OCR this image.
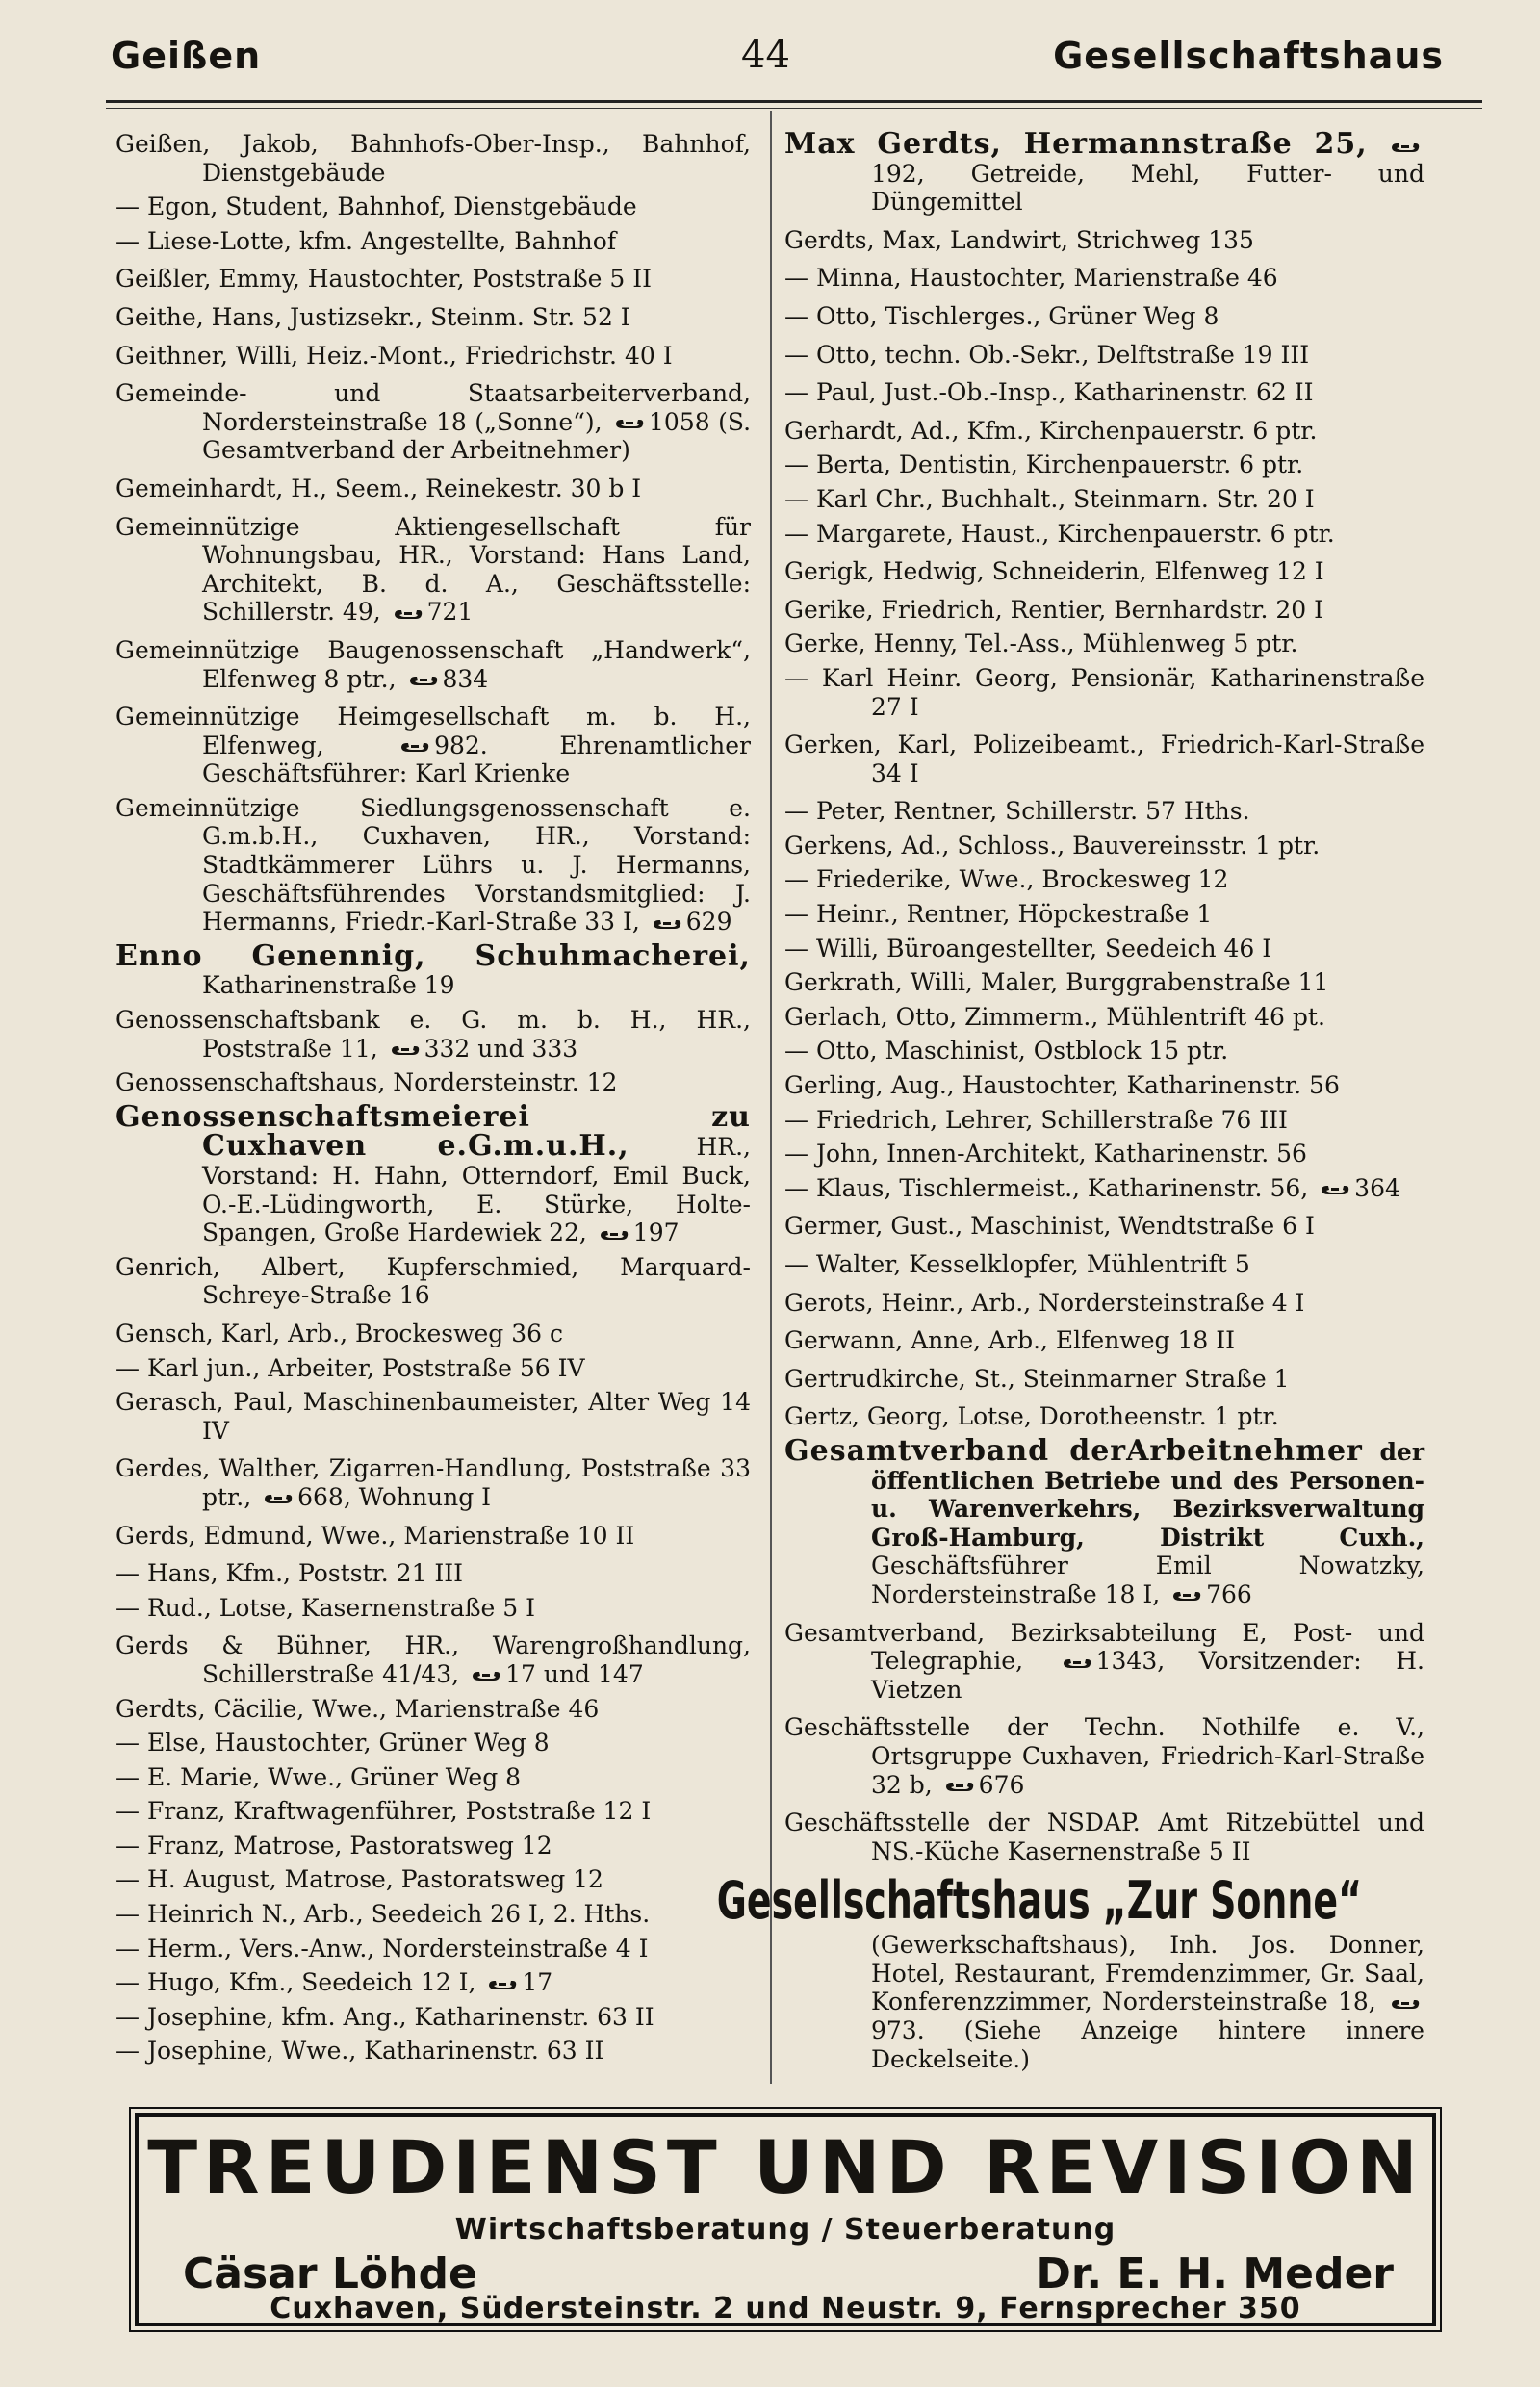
Geißen	44	Gesellschaftshaus
Geißen, Jakob, Bahnhofs-Ober-Insp., Bahnhof, Dienstgebäude
— Egon, Student, Bahnhof, Dienstgebäude
— Liese-Lotte, kfm. Angestellte, Bahnhof
Geißler, Emmy, Haustochter, Poststraße 5 II
Geithe, Hans, Justizsekr., Steinm. Str. 52 I
Geithner, Willi, Heiz.-Mont., Friedrichstr. 40 I
Gemeinde- und Staatsarbeiterverband, Nordersteinstraße 18 („Sonne“), 1058 (S. Gesamtverband der Arbeitnehmer)
Gemeinhardt, H., Seem., Reinekestr. 30 b I
Gemeinnützige Aktiengesellschaft für Wohnungsbau, HR., Vorstand: Hans Land, Architekt, B. d. A., Geschäftsstelle: Schillerstr. 49, 721
Gemeinnützige Baugenossenschaft „Handwerk“, Elfenweg 8 ptr., 834
Gemeinnützige Heimgesellschaft m. b. H., Elfenweg,	982.	Ehrenamtlicher Geschäftsführer: Karl Krienke
Gemeinnützige Siedlungsgenossenschaft e. G.m.b.H., Cuxhaven, HR., Vorstand: Stadtkämmerer Lührs u. J. Hermanns, Geschäftsführendes Vorstandsmitglied: J. Hermanns, Friedr.-Karl-Straße 33 I, 629
Enno Genennig, Schuhmacherei, Katharinenstraße 19
Genossenschaftsbank e. G. m. b. H., HR., Poststraße 11, 332 und 333
Genossenschaftshaus, Nordersteinstr. 12
Genossenschaftsmeierei zu Cuxhaven e.G.m.u.H.,	HR., Vorstand: H. Hahn, Otterndorf, Emil Buck, O.-E.-Lüdingworth, E. Stürke, Holte-Spangen, Große Hardewiek 22, 197
Genrich, Albert, Kupferschmied, Marquard-Schreye-Straße 16
Gensch, Karl, Arb., Brockesweg 36 c
— Karl jun., Arbeiter, Poststraße 56 IV
Gerasch, Paul, Maschinenbaumeister, Alter Weg 14 IV
Gerdes, Walther, Zigarren-Handlung, Poststraße 33 ptr., 668, Wohnung I
Gerds, Edmund, Wwe., Marienstraße 10 II
— Hans, Kfm., Poststr. 21 III
— Rud., Lotse, Kasernenstraße 5 I
Gerds & Bühner, HR., Warengroßhandlung, Schillerstraße 41/43, 17 und 147
Gerdts, Cäcilie, Wwe., Marienstraße 46
— Else, Haustochter, Grüner Weg 8
— E. Marie, Wwe., Grüner Weg 8
— Franz, Kraftwagenführer, Poststraße 12 I
— Franz, Matrose, Pastoratsweg 12
— H. August, Matrose, Pastoratsweg 12
— Heinrich N., Arb., Seedeich 26 I, 2. Hths.
— Herm., Vers.-Anw., Nordersteinstraße 4 I
— Hugo, Kfm., Seedeich 12 I, 17
— Josephine, kfm. Ang., Katharinenstr. 63 II
— Josephine, Wwe., Katharinenstr. 63 II
Max Gerdts, Hermannstraße 25,
192, Getreide, Mehl, Futter- und Düngemittel
Gerdts, Max, Landwirt, Strichweg 135
— Minna, Haustochter, Marienstraße 46
— Otto, Tischlerges., Grüner Weg 8
— Otto, techn. Ob.-Sekr., Delftstraße 19 III
— Paul, Just.-Ob.-Insp., Katharinenstr. 62 II
Gerhardt, Ad., Kfm., Kirchenpauerstr. 6 ptr.
— Berta, Dentistin, Kirchenpauerstr. 6 ptr.
— Karl Chr., Buchhalt., Steinmarn. Str. 20 I
— Margarete, Haust., Kirchenpauerstr. 6 ptr.
Gerigk, Hedwig, Schneiderin, Elfenweg 12 I
Gerike, Friedrich, Rentier, Bernhardstr. 20 I
Gerke, Henny, Tel.-Ass., Mühlenweg 5 ptr.
— Karl Heinr. Georg, Pensionär, Katharinenstraße 27 I
Gerken, Karl, Polizeibeamt., Friedrich-Karl-Straße 34 I
— Peter, Rentner, Schillerstr. 57 Hths.
Gerkens, Ad., Schloss., Bauvereinsstr. 1 ptr.
— Friederike, Wwe., Brockesweg 12
— Heinr., Rentner, Höpckestraße 1
— Willi, Büroangestellter, Seedeich 46 I
Gerkrath, Willi, Maler, Burggrabenstraße 11
Gerlach, Otto, Zimmerm., Mühlentrift 46 pt.
— Otto, Maschinist, Ostblock 15 ptr.
Gerling, Aug., Haustochter, Katharinenstr. 56
— Friedrich, Lehrer, Schillerstraße 76 III
— John, Innen-Architekt, Katharinenstr. 56
— Klaus, Tischlermeist., Katharinenstr. 56, 364
Germer, Gust., Maschinist, Wendtstraße 6 I
— Walter, Kesselklopfer, Mühlentrift 5
Gerots, Heinr., Arb., Nordersteinstraße 4 I
Gerwann, Anne, Arb., Elfenweg 18 II
Gertrudkirche, St., Steinmarner Straße 1
Gertz, Georg, Lotse, Dorotheenstr. 1 ptr.
Gesamtverband derArbeitnehmer der öffentlichen Betriebe und des Personen- u. Warenverkehrs, Bezirksverwaltung Groß-Hamburg, Distrikt Cuxh., Geschäftsführer Emil Nowatzky, Nordersteinstraße 18 I, 766
Gesamtverband, Bezirksabteilung E, Post- und Telegraphie,	1343, Vorsitzender: H. Vietzen
Geschäftsstelle der Techn. Nothilfe e. V., Ortsgruppe Cuxhaven, Friedrich-Karl-Straße 32 b, 676
Geschäftsstelle der NSDAP. Amt Ritzebüttel und NS.-Küche Kasernenstraße 5 II
Gesellschaftshaus „Zur Sonne“
(Gewerkschaftshaus), Inh. Jos. Donner, Hotel, Restaurant, Fremdenzimmer, Gr. Saal, Konferenzzimmer, Nordersteinstraße 18,
973. (Siehe Anzeige hintere innere Deckelseite.)
TREUDIENST UND REVISION
Wirtschaftsberatung / Steuerberatung
Cäsar Löhde	Dr. E. H. Meder
Cuxhaven, Südersteinstr. 2 und Neustr. 9, Fernsprecher 350
